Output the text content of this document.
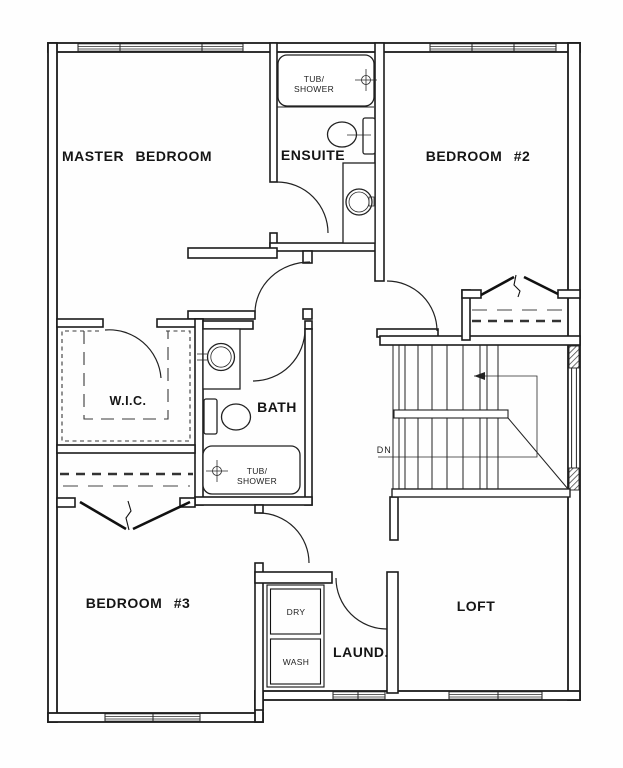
MASTER BEDROOM	ENSUITE	BEDROOM #2
W.I.C.	BATH
BEDROOM #3
LAUND.
LOFT
TUB/
SHOWER
TUB/
SHOWER
DRY
WASH
DN.
